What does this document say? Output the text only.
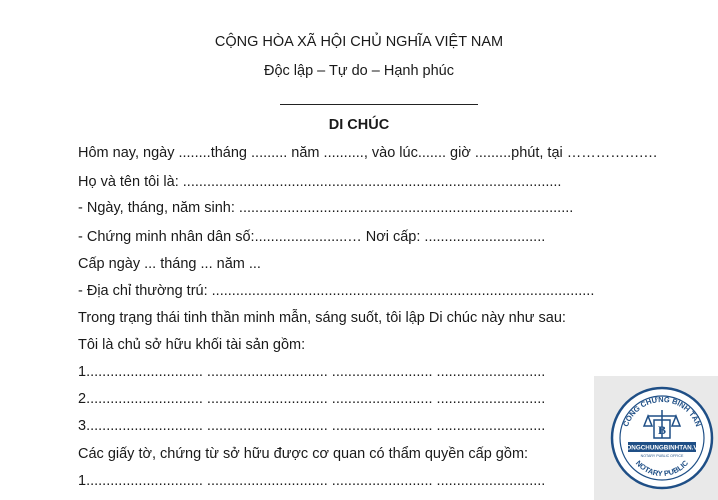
CỘNG HÒA XÃ HỘI CHỦ NGHĨA VIỆT NAM
Độc lập – Tự do – Hạnh phúc
DI CHÚC
Hôm nay, ngày ........tháng ......... năm .........., vào lúc....... giờ .........phút, tại …………….…
Họ và tên tôi là: ..............................................................................................
- Ngày, tháng, năm sinh: ...................................................................................
- Chứng minh nhân dân số:.......................… Nơi cấp: ..............................
Cấp ngày ... tháng ... năm ...
- Địa chỉ thường trú: ...............................................................................................
Trong trạng thái tinh thần minh mẫn, sáng suốt, tôi lập Di chúc này như sau:
Tôi là chủ sở hữu khối tài sản gồm:
1............................. .............................. ......................... ...........................
2............................. .............................. ......................... ...........................
3............................. .............................. ......................... ...........................
Các giấy tờ, chứng từ sở hữu được cơ quan có thẩm quyền cấp gồm:
1............................. .............................. ......................... ...........................
CÔNG CHỨNG BÌNH TÂN
NOTARY PUBLIC
B
CONGCHUNGBINHTAN.VN
NOTARY PUBLIC OFFICE
